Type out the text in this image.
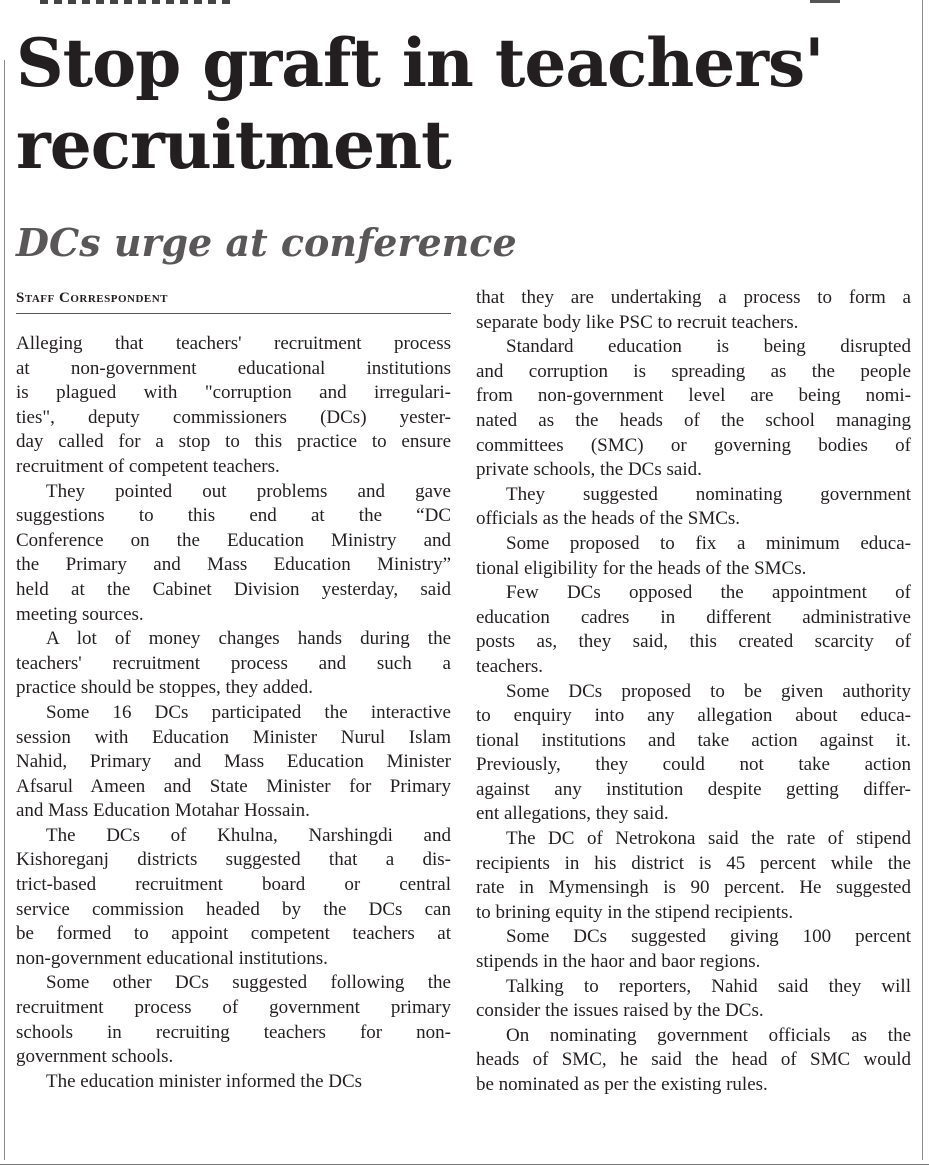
Stop graft in teachers'
recruitment
DCs urge at conference
Staff Correspondent

Alleging that teachers' recruitment process
at non-government educational institutions
is plagued with "corruption and irregulari-
ties", deputy commissioners (DCs) yester-
day called for a stop to this practice to ensure
recruitment of competent teachers.

They pointed out problems and gave
suggestions to this end at the “DC
Conference on the Education Ministry and
the Primary and Mass Education Ministry”
held at the Cabinet Division yesterday, said
meeting sources.

A lot of money changes hands during the
teachers' recruitment process and such a
practice should be stoppes, they added.

Some 16 DCs participated the interactive
session with Education Minister Nurul Islam
Nahid, Primary and Mass Education Minister
Afsarul Ameen and State Minister for Primary
and Mass Education Motahar Hossain.

The DCs of Khulna, Narshingdi and
Kishoreganj districts suggested that a dis-
trict-based recruitment board or central
service commission headed by the DCs can
be formed to appoint competent teachers at
non-government educational institutions.

Some other DCs suggested following the
recruitment process of government primary
schools in recruiting teachers for non-
government schools.

The education minister informed the DCs

that they are undertaking a process to form a
separate body like PSC to recruit teachers.

Standard education is being disrupted
and corruption is spreading as the people
from non-government level are being nomi-
nated as the heads of the school managing
committees (SMC) or governing bodies of
private schools, the DCs said.

They suggested nominating government
officials as the heads of the SMCs.

Some proposed to fix a minimum educa-
tional eligibility for the heads of the SMCs.

Few DCs opposed the appointment of
education cadres in different administrative
posts as, they said, this created scarcity of
teachers.

Some DCs proposed to be given authority
to enquiry into any allegation about educa-
tional institutions and take action against it.
Previously, they could not take action
against any institution despite getting differ-
ent allegations, they said.

The DC of Netrokona said the rate of stipend
recipients in his district is 45 percent while the
rate in Mymensingh is 90 percent. He suggested
to brining equity in the stipend recipients.

Some DCs suggested giving 100 percent
stipends in the haor and baor regions.

Talking to reporters, Nahid said they will
consider the issues raised by the DCs.

On nominating government officials as the
heads of SMC, he said the head of SMC would
be nominated as per the existing rules.
